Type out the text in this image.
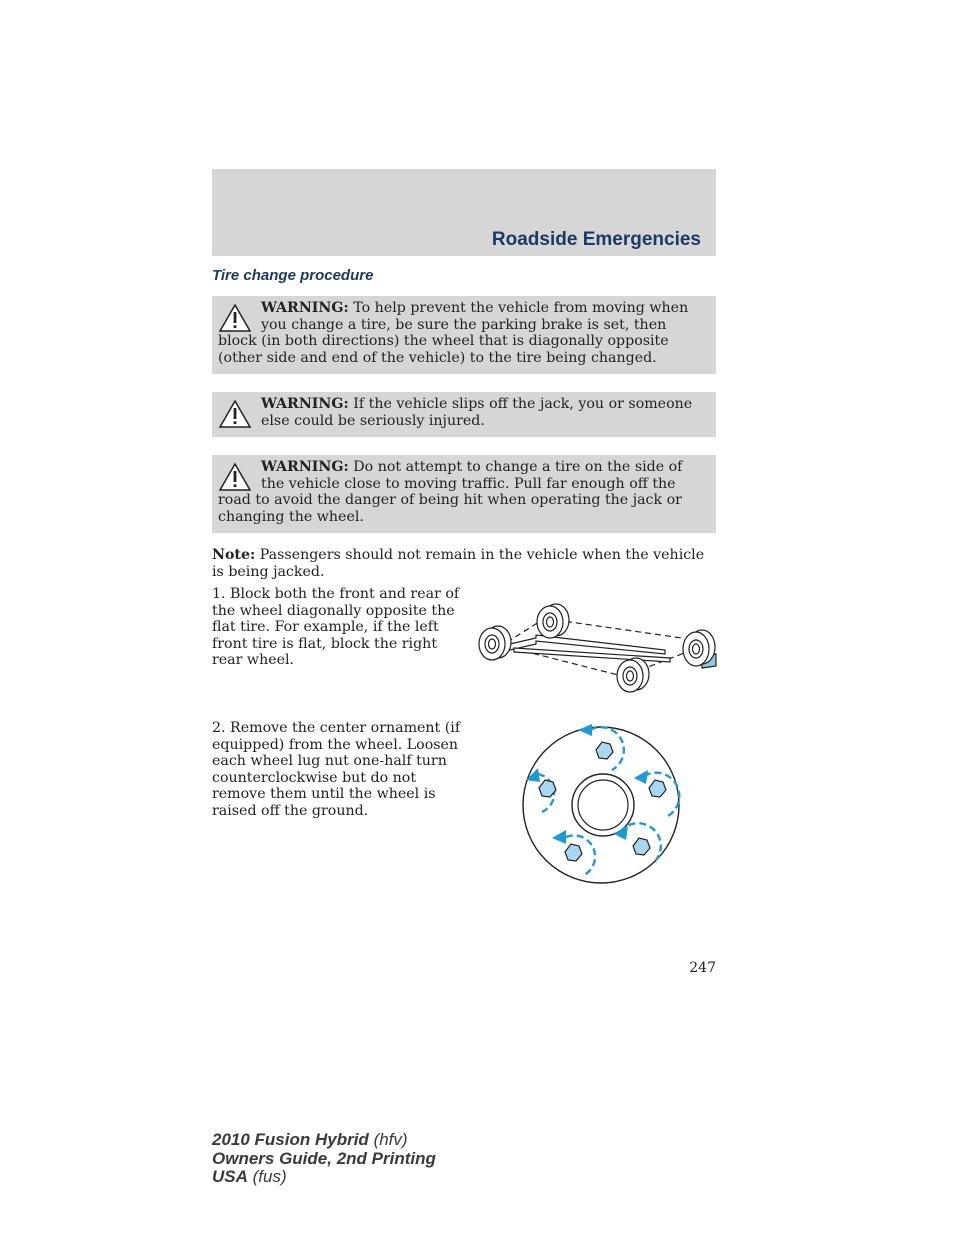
Roadside Emergencies
Tire change procedure
WARNING: To help prevent the vehicle from moving when you change a tire, be sure the parking brake is set, then block (in both directions) the wheel that is diagonally opposite (other side and end of the vehicle) to the tire being changed.
WARNING: If the vehicle slips off the jack, you or someone else could be seriously injured.
WARNING: Do not attempt to change a tire on the side of the vehicle close to moving traffic. Pull far enough off the road to avoid the danger of being hit when operating the jack or changing the wheel.

Note: Passengers should not remain in the vehicle when the vehicle is being jacked.

1. Block both the front and rear of the wheel diagonally opposite the flat tire. For example, if the left front tire is flat, block the right rear wheel.

2. Remove the center ornament (if equipped) from the wheel. Loosen each wheel lug nut one-half turn counterclockwise but do not remove them until the wheel is raised off the ground.

247

2010 Fusion Hybrid (hfv)
Owners Guide, 2nd Printing
USA (fus)
